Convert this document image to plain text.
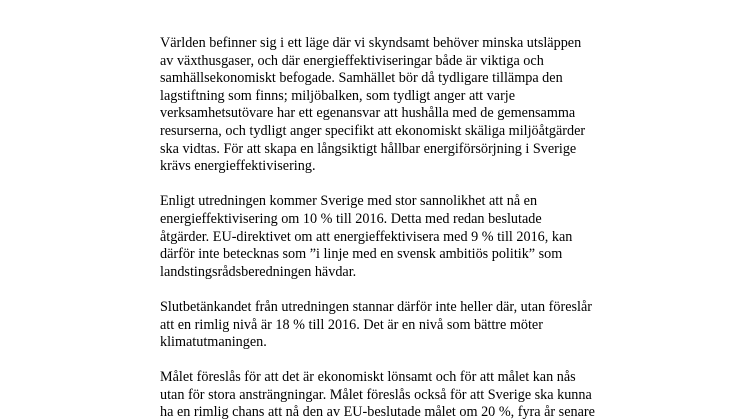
Världen befinner sig i ett läge där vi skyndsamt behöver minska utsläppen
av växthusgaser, och där energieffektiviseringar både är viktiga och
samhällsekonomiskt befogade. Samhället bör då tydligare tillämpa den
lagstiftning som finns; miljöbalken, som tydligt anger att varje
verksamhetsutövare har ett egenansvar att hushålla med de gemensamma
resurserna, och tydligt anger specifikt att ekonomiskt skäliga miljöåtgärder
ska vidtas. För att skapa en långsiktigt hållbar energiförsörjning i Sverige
krävs energieffektivisering.

Enligt utredningen kommer Sverige med stor sannolikhet att nå en
energieffektivisering om 10 % till 2016. Detta med redan beslutade
åtgärder. EU-direktivet om att energieffektivisera med 9 % till 2016, kan
därför inte betecknas som ”i linje med en svensk ambitiös politik” som
landstingsrådsberedningen hävdar.

Slutbetänkandet från utredningen stannar därför inte heller där, utan föreslår
att en rimlig nivå är 18 % till 2016. Det är en nivå som bättre möter
klimatutmaningen.

Målet föreslås för att det är ekonomiskt lönsamt och för att målet kan nås
utan för stora ansträngningar. Målet föreslås också för att Sverige ska kunna
ha en rimlig chans att nå den av EU-beslutade målet om 20 %, fyra år senare
